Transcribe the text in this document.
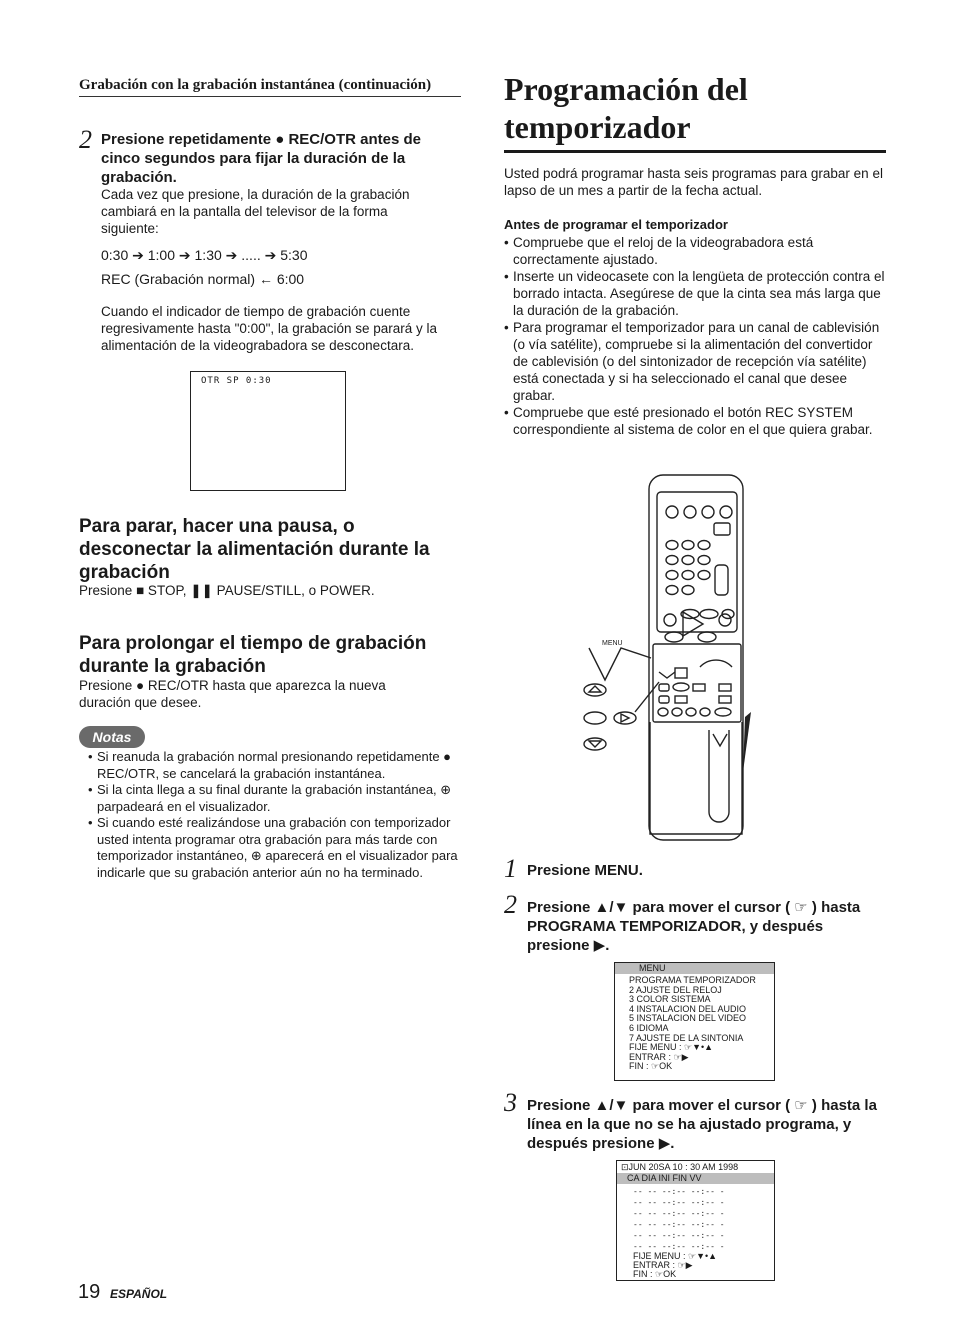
Grabación con la grabación instantánea (continuación)
2 Presione repetidamente ● REC/OTR antes de cinco segundos para fijar la duración de la grabación.
Cada vez que presione, la duración de la grabación cambiará en la pantalla del televisor de la forma siguiente:
0:30 ➔ 1:00 ➔ 1:30 ➔ ..... ➔ 5:30
REC (Grabación normal) ← 6:00
Cuando el indicador de tiempo de grabación cuente regresivamente hasta "0:00", la grabación se parará y la alimentación de la videograbadora se desconectara.
OTR SP 0:30
Para parar, hacer una pausa, o desconectar la alimentación durante la grabación
Presione ■ STOP, ❚❚ PAUSE/STILL, o POWER.
Para prolongar el tiempo de grabación durante la grabación
Presione ● REC/OTR hasta que aparezca la nueva duración que desee.
Notas
• Si reanuda la grabación normal presionando repetidamente ● REC/OTR, se cancelará la grabación instantánea.
• Si la cinta llega a su final durante la grabación instantánea, ⊕ parpadeará en el visualizador.
• Si cuando esté realizándose una grabación con temporizador usted intenta programar otra grabación para más tarde con temporizador instantáneo, ⊕ aparecerá en el visualizador para indicarle que su grabación anterior aún no ha terminado.
Programación del temporizador
Usted podrá programar hasta seis programas para grabar en el lapso de un mes a partir de la fecha actual.
Antes de programar el temporizador
• Compruebe que el reloj de la videograbadora está correctamente ajustado.
• Inserte un videocasete con la lengüeta de protección contra el borrado intacta. Asegúrese de que la cinta sea más larga que la duración de la grabación.
• Para programar el temporizador para un canal de cablevisión (o vía satélite), compruebe si la alimentación del convertidor de cablevisión (o del sintonizador de recepción vía satélite) está conectada y si ha seleccionado el canal que desee grabar.
• Compruebe que esté presionado el botón REC SYSTEM correspondiente al sistema de color en el que quiera grabar.
MENU
1 Presione MENU.
2 Presione ▲/▼ para mover el cursor ( ☞ ) hasta PROGRAMA TEMPORIZADOR, y después presione ▶.
MENU
PROGRAMA TEMPORIZADOR
2 AJUSTE DEL RELOJ
3 COLOR SISTEMA
4 INSTALACION DEL AUDIO
5 INSTALACION DEL VIDEO
6 IDIOMA
7 AJUSTE DE LA SINTONIA
FIJE MENU : ☞▼•▲
ENTRAR : ☞▶
FIN : ☞OK
3 Presione ▲/▼ para mover el cursor ( ☞ ) hasta la línea en la que no se ha ajustado programa, y después presione ▶.
⊡JUN 20SA 10 : 30 AM 1998
CA DIA INI FIN VV
-- -- --:-- --:-- -
-- -- --:-- --:-- -
-- -- --:-- --:-- -
-- -- --:-- --:-- -
-- -- --:-- --:-- -
-- -- --:-- --:-- -
FIJE MENU : ☞▼•▲
ENTRAR : ☞▶
FIN : ☞OK
19 ESPAÑOL
